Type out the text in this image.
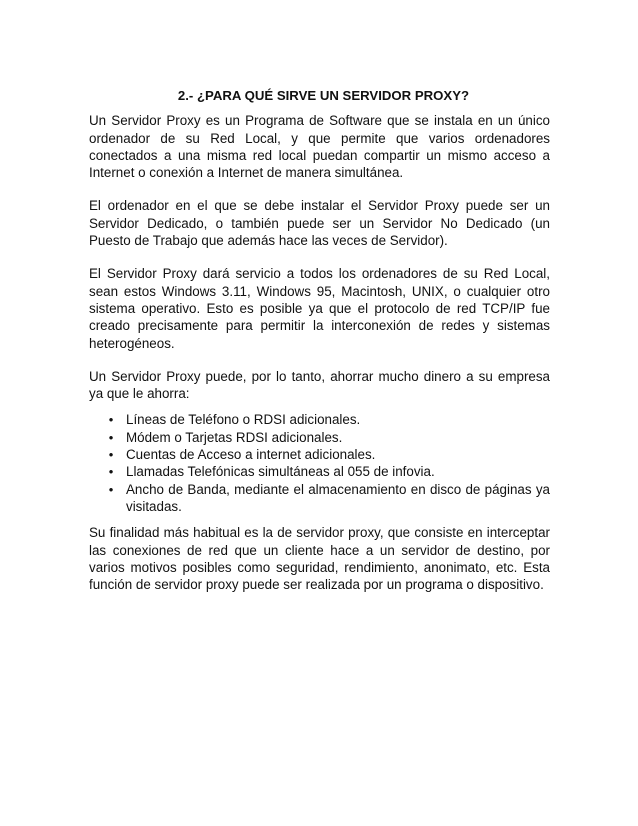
2.- ¿PARA QUÉ SIRVE UN SERVIDOR PROXY?

Un Servidor Proxy es un Programa de Software que se instala en un único ordenador de su Red Local, y que permite que varios ordenadores conectados a una misma red local puedan compartir un mismo acceso a Internet o conexión a Internet de manera simultánea.

El ordenador en el que se debe instalar el Servidor Proxy puede ser un Servidor Dedicado, o también puede ser un Servidor No Dedicado (un Puesto de Trabajo que además hace las veces de Servidor).

El Servidor Proxy dará servicio a todos los ordenadores de su Red Local, sean estos Windows 3.11, Windows 95, Macintosh, UNIX, o cualquier otro sistema operativo. Esto es posible ya que el protocolo de red TCP/IP fue creado precisamente para permitir la interconexión de redes y sistemas heterogéneos.

Un Servidor Proxy puede, por lo tanto, ahorrar mucho dinero a su empresa ya que le ahorra:

• Líneas de Teléfono o RDSI adicionales.
• Módem o Tarjetas RDSI adicionales.
• Cuentas de Acceso a internet adicionales.
• Llamadas Telefónicas simultáneas al 055 de infovia.
• Ancho de Banda, mediante el almacenamiento en disco de páginas ya visitadas.

Su finalidad más habitual es la de servidor proxy, que consiste en interceptar las conexiones de red que un cliente hace a un servidor de destino, por varios motivos posibles como seguridad, rendimiento, anonimato, etc. Esta función de servidor proxy puede ser realizada por un programa o dispositivo.
